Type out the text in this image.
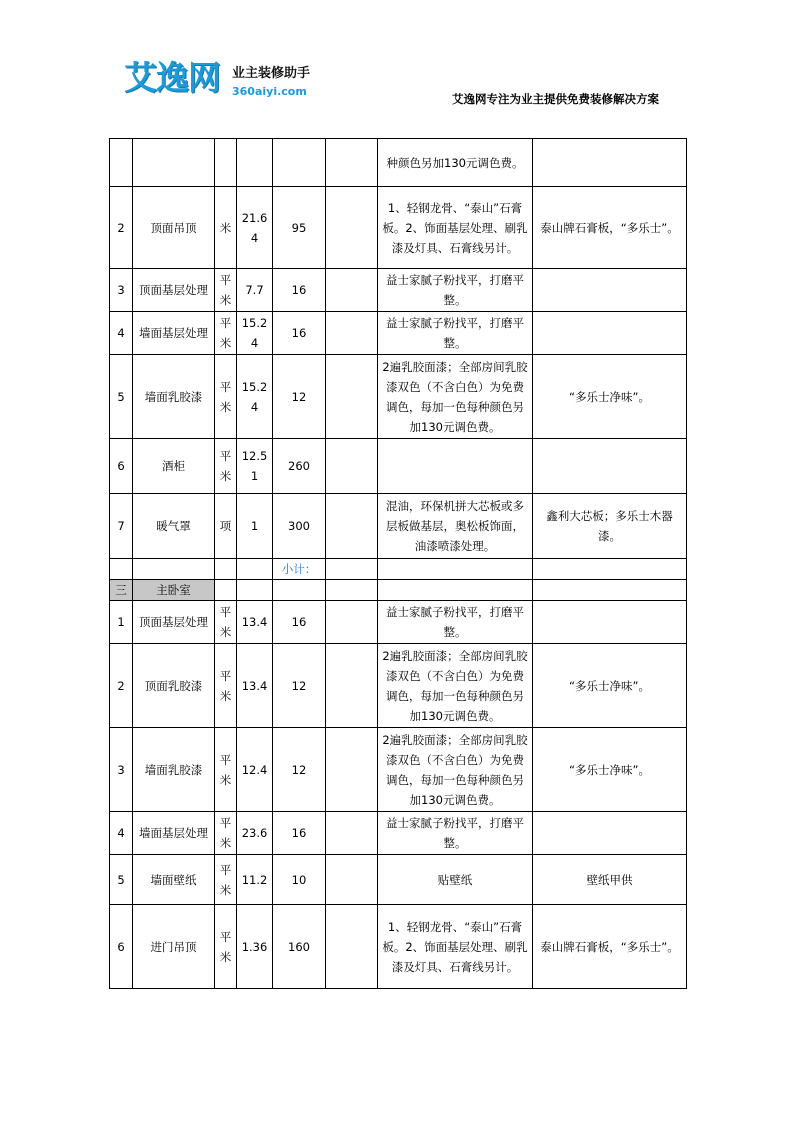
艾逸网 业主装修助手
360aiyi.com
艾逸网专注为业主提供免费装修解决方案
						种颜色另加130元调色费。	
2	顶面吊顶	米	21.64	95		1、轻钢龙骨、“泰山”石膏板。2、饰面基层处理、刷乳漆及灯具、石膏线另计。	泰山牌石膏板，“多乐士”。
3	顶面基层处理	平米	7.7	16		益士家腻子粉找平，打磨平整。	
4	墙面基层处理	平米	15.24	16		益士家腻子粉找平，打磨平整。	
5	墙面乳胶漆	平米	15.24	12		2遍乳胶面漆；全部房间乳胶漆双色（不含白色）为免费调色，每加一色每种颜色另加130元调色费。	“多乐士净味”。
6	酒柜	平米	12.51	260			
7	暖气罩	项	1	300		混油，环保机拼大芯板或多层板做基层，奥松板饰面，油漆喷漆处理。	鑫利大芯板；多乐士木器漆。
				小计：			
三	主卧室						
1	顶面基层处理	平米	13.4	16		益士家腻子粉找平，打磨平整。	
2	顶面乳胶漆	平米	13.4	12		2遍乳胶面漆；全部房间乳胶漆双色（不含白色）为免费调色，每加一色每种颜色另加130元调色费。	“多乐士净味”。
3	墙面乳胶漆	平米	12.4	12		2遍乳胶面漆；全部房间乳胶漆双色（不含白色）为免费调色，每加一色每种颜色另加130元调色费。	“多乐士净味”。
4	墙面基层处理	平米	23.6	16		益士家腻子粉找平，打磨平整。	
5	墙面壁纸	平米	11.2	10		贴壁纸	壁纸甲供
6	进门吊顶	平米	1.36	160		1、轻钢龙骨、“泰山”石膏板。2、饰面基层处理、刷乳漆及灯具、石膏线另计。	泰山牌石膏板，“多乐士”。
